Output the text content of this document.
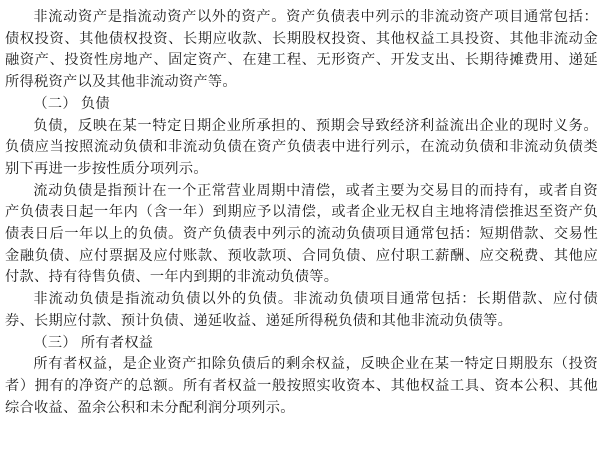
非流动资产是指流动资产以外的资产。资产负债表中列示的非流动资产项目通常包括：债权投资、其他债权投资、长期应收款、长期股权投资、其他权益工具投资、其他非流动金融资产、投资性房地产、固定资产、在建工程、无形资产、开发支出、长期待摊费用、递延所得税资产以及其他非流动资产等。

（二） 负债

负债，反映在某一特定日期企业所承担的、预期会导致经济利益流出企业的现时义务。负债应当按照流动负债和非流动负债在资产负债表中进行列示，在流动负债和非流动负债类别下再进一步按性质分项列示。

流动负债是指预计在一个正常营业周期中清偿，或者主要为交易目的而持有，或者自资产负债表日起一年内（含一年）到期应予以清偿，或者企业无权自主地将清偿推迟至资产负债表日后一年以上的负债。资产负债表中列示的流动负债项目通常包括：短期借款、交易性金融负债、应付票据及应付账款、预收款项、合同负债、应付职工薪酬、应交税费、其他应付款、持有待售负债、一年内到期的非流动负债等。

非流动负债是指流动负债以外的负债。非流动负债项目通常包括：长期借款、应付债券、长期应付款、预计负债、递延收益、递延所得税负债和其他非流动负债等。

（三） 所有者权益

所有者权益，是企业资产扣除负债后的剩余权益，反映企业在某一特定日期股东（投资者）拥有的净资产的总额。所有者权益一般按照实收资本、其他权益工具、资本公积、其他综合收益、盈余公积和未分配利润分项列示。
